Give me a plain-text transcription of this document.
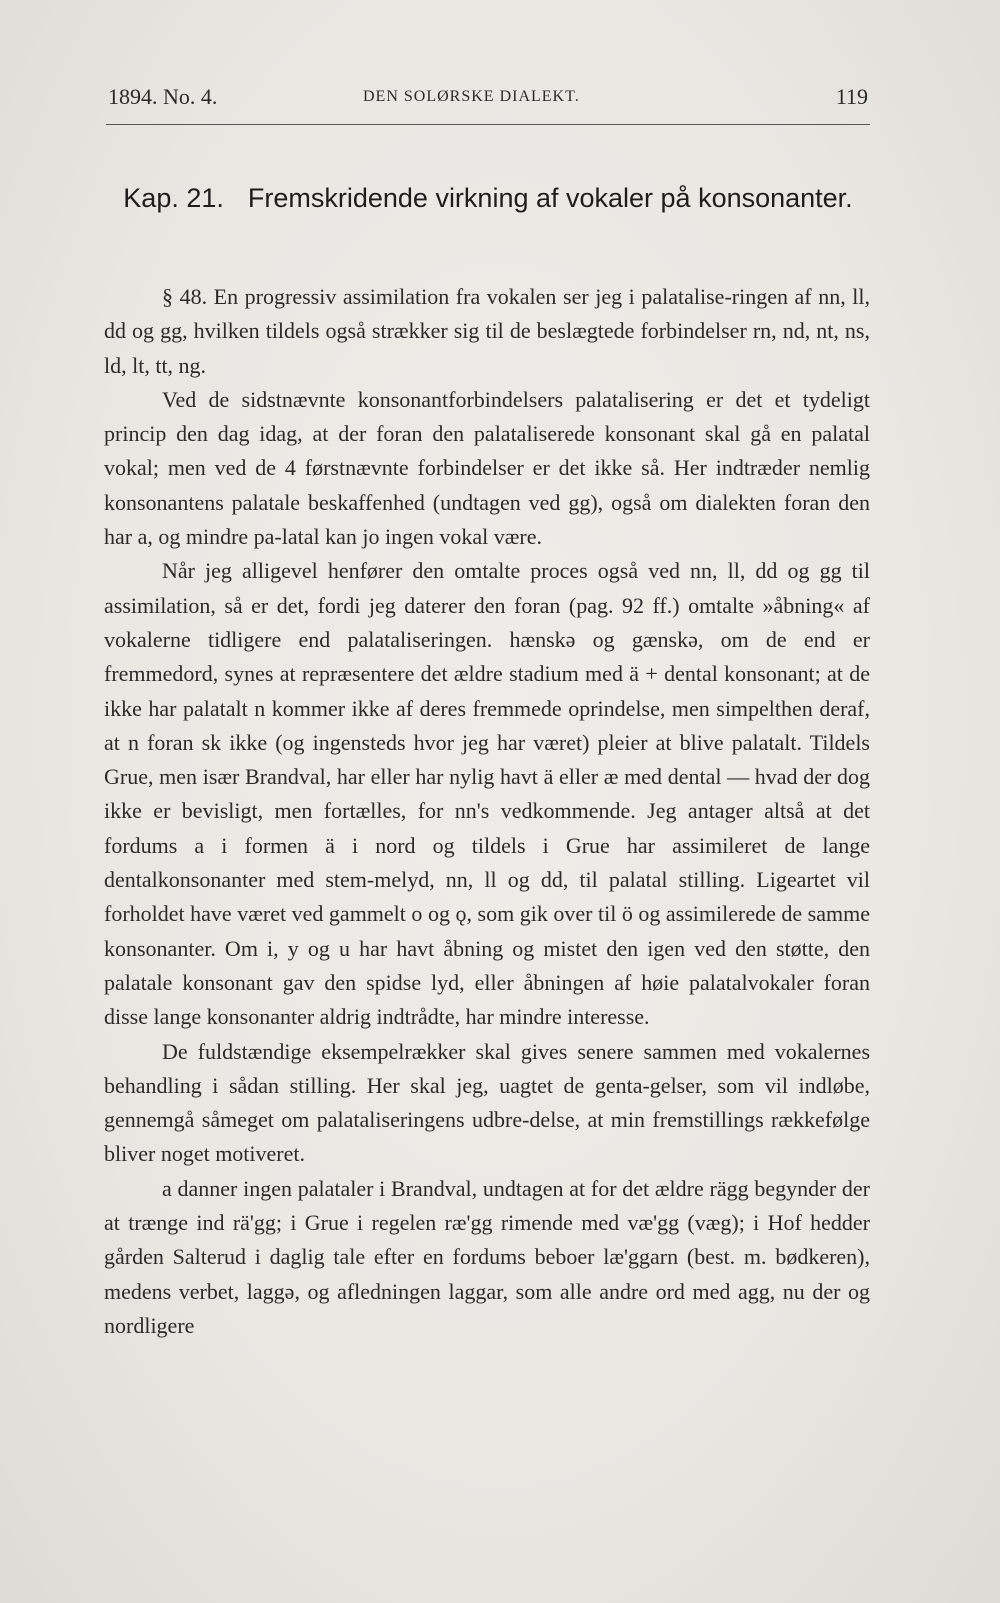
1894. No. 4.	DEN SOLØRSKE DIALEKT.	119
Kap. 21. Fremskridende virkning af vokaler på konsonanter.

§ 48. En progressiv assimilation fra vokalen ser jeg i palatalise-ringen af nn, ll, dd og gg, hvilken tildels også strækker sig til de beslægtede forbindelser rn, nd, nt, ns, ld, lt, tt, ng.

Ved de sidstnævnte konsonantforbindelsers palatalisering er det et tydeligt princip den dag idag, at der foran den palataliserede konsonant skal gå en palatal vokal; men ved de 4 førstnævnte forbindelser er det ikke så. Her indtræder nemlig konsonantens palatale beskaffenhed (undtagen ved gg), også om dialekten foran den har a, og mindre pa-latal kan jo ingen vokal være.

Når jeg alligevel henfører den omtalte proces også ved nn, ll, dd og gg til assimilation, så er det, fordi jeg daterer den foran (pag. 92 ff.) omtalte »åbning« af vokalerne tidligere end palataliseringen. hænskə og gænskə, om de end er fremmedord, synes at repræsentere det ældre stadium med ä + dental konsonant; at de ikke har palatalt n kommer ikke af deres fremmede oprindelse, men simpelthen deraf, at n foran sk ikke (og ingensteds hvor jeg har været) pleier at blive palatalt. Tildels Grue, men især Brandval, har eller har nylig havt ä eller æ med dental — hvad der dog ikke er bevisligt, men fortælles, for nn's vedkommende. Jeg antager altså at det fordums a i formen ä i nord og tildels i Grue har assimileret de lange dentalkonsonanter med stem-melyd, nn, ll og dd, til palatal stilling. Ligeartet vil forholdet have været ved gammelt o og ǫ, som gik over til ö og assimilerede de samme konsonanter. Om i, y og u har havt åbning og mistet den igen ved den støtte, den palatale konsonant gav den spidse lyd, eller åbningen af høie palatalvokaler foran disse lange konsonanter aldrig indtrådte, har mindre interesse.

De fuldstændige eksempelrækker skal gives senere sammen med vokalernes behandling i sådan stilling. Her skal jeg, uagtet de genta-gelser, som vil indløbe, gennemgå såmeget om palataliseringens udbre-delse, at min fremstillings rækkefølge bliver noget motiveret.

a danner ingen palataler i Brandval, undtagen at for det ældre rägg begynder der at trænge ind rä'gg; i Grue i regelen ræ'gg rimende med væ'gg (væg); i Hof hedder gården Salterud i daglig tale efter en fordums beboer læ'ggarn (best. m. bødkeren), medens verbet, laggə, og afledningen laggar, som alle andre ord med agg, nu der og nordligere
